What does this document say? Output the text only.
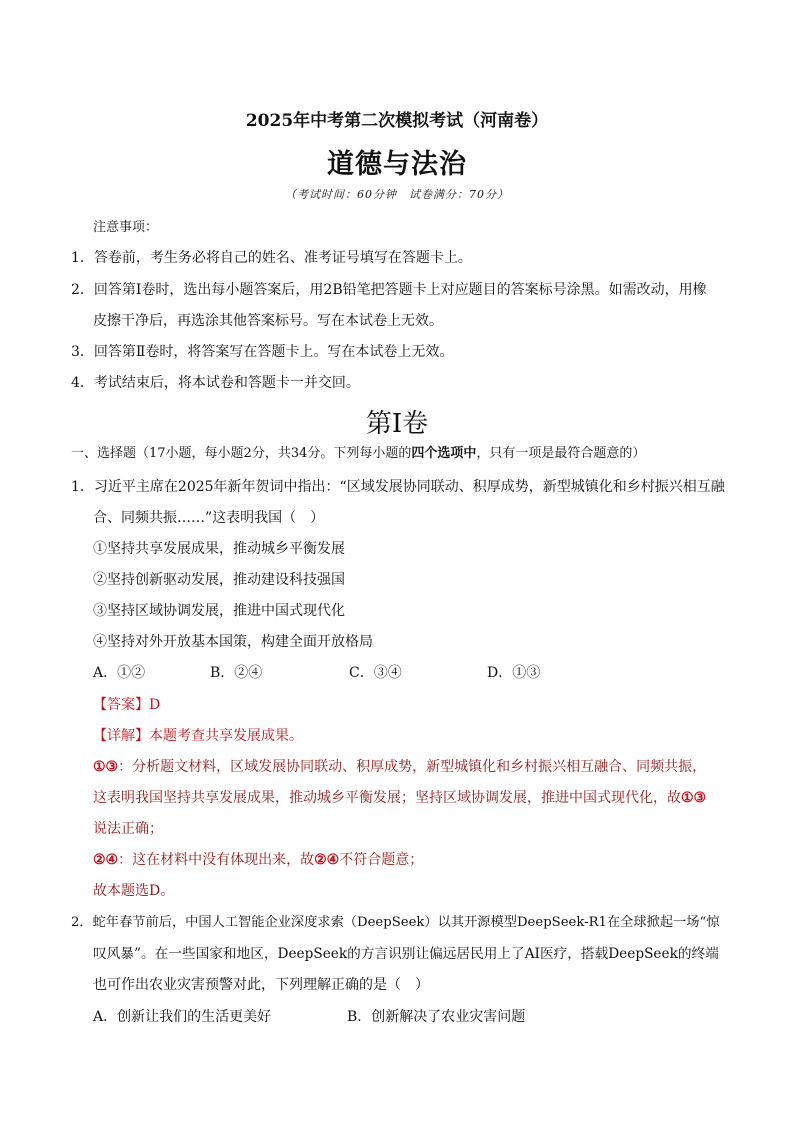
2025年中考第二次模拟考试（河南卷）
道德与法治
（考试时间：60分钟　试卷满分：70分）
注意事项：
1．答卷前，考生务必将自己的姓名、准考证号填写在答题卡上。
2．回答第Ⅰ卷时，选出每小题答案后，用2B铅笔把答题卡上对应题目的答案标号涂黑。如需改动，用橡
皮擦干净后，再选涂其他答案标号。写在本试卷上无效。
3．回答第Ⅱ卷时，将答案写在答题卡上。写在本试卷上无效。
4．考试结束后，将本试卷和答题卡一并交回。
第Ⅰ卷
一、选择题（17小题，每小题2分，共34分。下列每小题的四个选项中，只有一项是最符合题意的）
1．习近平主席在2025年新年贺词中指出：“区域发展协同联动、积厚成势，新型城镇化和乡村振兴相互融
合、同频共振……”这表明我国（　）
①坚持共享发展成果，推动城乡平衡发展
②坚持创新驱动发展，推动建设科技强国
③坚持区域协调发展，推进中国式现代化
④坚持对外开放基本国策，构建全面开放格局
A．①②	B．②④	C．③④	D．①③
【答案】D
【详解】本题考查共享发展成果。
①③：分析题文材料，区域发展协同联动、积厚成势，新型城镇化和乡村振兴相互融合、同频共振，
这表明我国坚持共享发展成果，推动城乡平衡发展；坚持区域协调发展，推进中国式现代化，故①③
说法正确；
②④：这在材料中没有体现出来，故②④不符合题意；
故本题选D。
2．蛇年春节前后，中国人工智能企业深度求索（DeepSeek）以其开源模型DeepSeek-R1在全球掀起一场“惊
叹风暴”。在一些国家和地区，DeepSeek的方言识别让偏远居民用上了AI医疗，搭载DeepSeek的终端
也可作出农业灾害预警对此，下列理解正确的是（　）
A．创新让我们的生活更美好	B．创新解决了农业灾害问题
